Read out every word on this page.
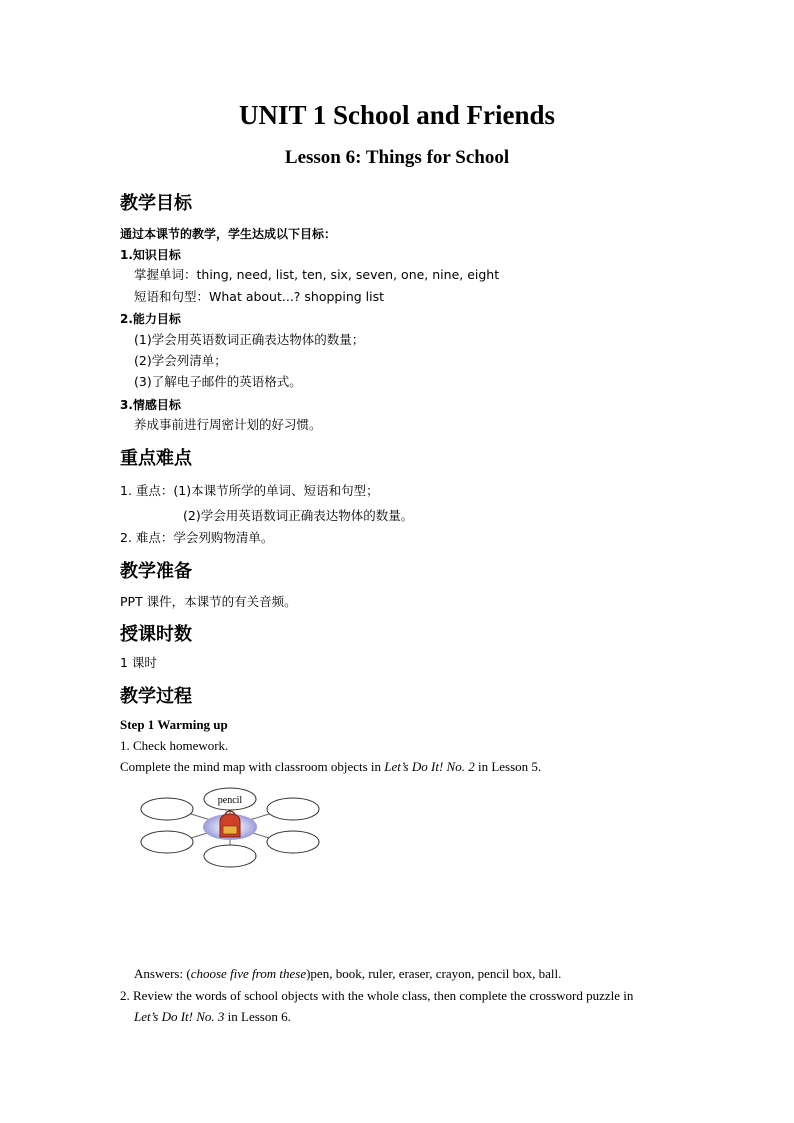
UNIT 1 School and Friends
Lesson 6: Things for School
教学目标
通过本课节的教学，学生达成以下目标：
1.知识目标
掌握单词：thing, need, list, ten, six, seven, one, nine, eight
短语和句型：What about...? shopping list
2.能力目标
(1)学会用英语数词正确表达物体的数量；
(2)学会列清单；
(3)了解电子邮件的英语格式。
3.情感目标
养成事前进行周密计划的好习惯。
重点难点
1. 重点：(1)本课节所学的单词、短语和句型；
(2)学会用英语数词正确表达物体的数量。
2. 难点：学会列购物清单。
教学准备
PPT 课件，本课节的有关音频。
授课时数
1 课时
教学过程
Step 1 Warming up
1. Check homework.
Complete the mind map with classroom objects in Let’s Do It! No. 2 in Lesson 5.
pencil
Answers: (choose five from these)pen, book, ruler, eraser, crayon, pencil box, ball.
2. Review the words of school objects with the whole class, then complete the crossword puzzle in
Let’s Do It! No. 3 in Lesson 6.
